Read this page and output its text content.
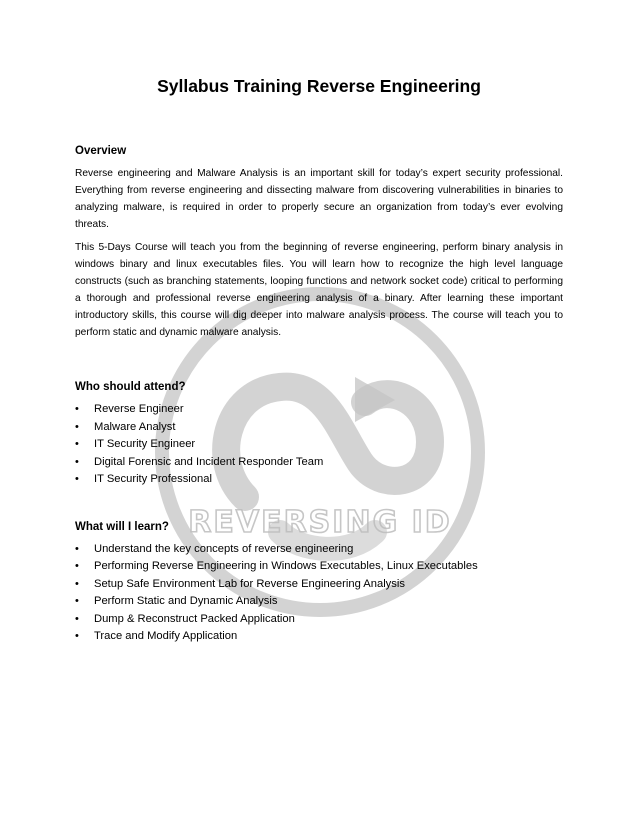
REVERSING ID
Syllabus Training Reverse Engineering
Overview

Reverse engineering and Malware Analysis is an important skill for today’s expert security professional. Everything from reverse engineering and dissecting malware from discovering vulnerabilities in binaries to analyzing malware, is required in order to properly secure an organization from today’s ever evolving threats.

This 5-Days Course will teach you from the beginning of reverse engineering, perform binary analysis in windows binary and linux executables files. You will learn how to recognize the high level language constructs (such as branching statements, looping functions and network socket code) critical to performing a thorough and professional reverse engineering analysis of a binary. After learning these important introductory skills, this course will dig deeper into malware analysis process. The course will teach you to perform static and dynamic malware analysis.

Who should attend?
• Reverse Engineer
• Malware Analyst
• IT Security Engineer
• Digital Forensic and Incident Responder Team
• IT Security Professional
What will I learn?
• Understand the key concepts of reverse engineering
• Performing Reverse Engineering in Windows Executables, Linux Executables
• Setup Safe Environment Lab for Reverse Engineering Analysis
• Perform Static and Dynamic Analysis
• Dump & Reconstruct Packed Application
• Trace and Modify Application
